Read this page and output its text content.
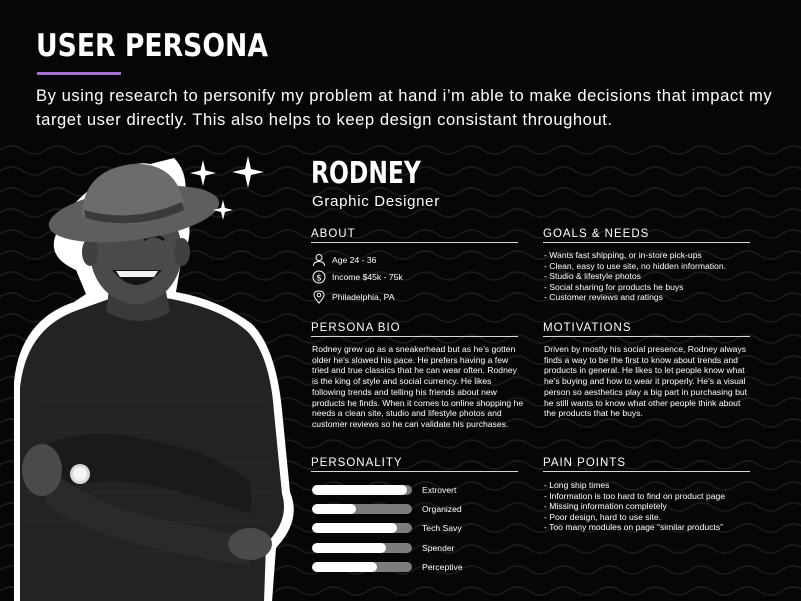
USER PERSONA

By using research to personify my problem at hand i’m able to make decisions that impact my target user directly. This also helps to keep design consistant throughout.

RODNEY
Graphic Designer
ABOUT
Age 24 - 36
$ Income $45k - 75k
Philadelphia, PA
GOALS & NEEDS
- Wants fast shipping, or in-store pick-ups
- Clean, easy to use site, no hidden information.
- Studio & lifestyle photos
- Social sharing for products he buys
- Customer reviews and ratings
PERSONA BIO

Rodney grew up as a sneakerhead but as he’s gotten older he’s slowed his pace. He prefers having a few tried and true classics that he can wear often. Rodney is the king of style and social currency. He likes following trends and telling his friends about new products he finds. When it comes to online shopping he needs a clean site, studio and lifestyle photos and customer reviews so he can validate his purchases.

MOTIVATIONS

Driven by mostly his social presence, Rodney always finds a way to be the first to know about trends and products in general. He likes to let people know what he’s buying and how to wear it properly. He’s a visual person so aesthetics play a big part in purchasing but he still wants to know what other people think about the products that he buys.

PERSONALITY
Extrovert
Organized
Tech Savy
Spender
Perceptive
PAIN POINTS
- Long ship times
- Information is too hard to find on product page
- Missing information completely
- Poor design, hard to use site.
- Too many modules on page “similar products”
